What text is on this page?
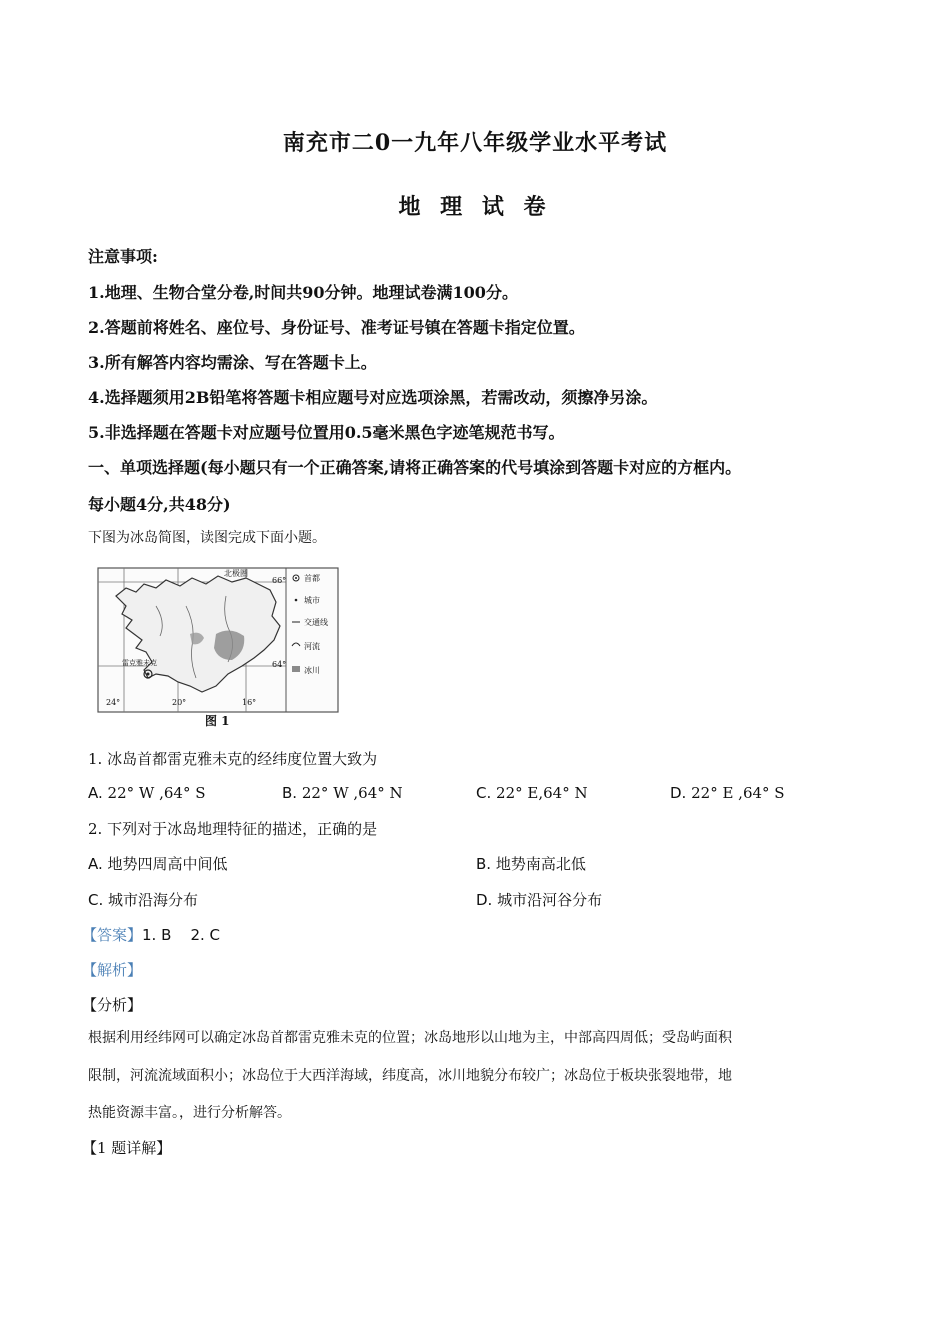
南充市二0一九年八年级学业水平考试
地 理 试 卷
注意事项:
1.地理、生物合堂分卷,时间共90分钟。地理试卷满100分。
2.答题前将姓名、座位号、身份证号、准考证号镇在答题卡指定位置。
3.所有解答内容均需涂、写在答题卡上。
4.选择题须用2B铅笔将答题卡相应题号对应选项涂黑，若需改动，须擦净另涂。
5.非选择题在答题卡对应题号位置用0.5毫米黑色字迹笔规范书写。
一、单项选择题(每小题只有一个正确答案,请将正确答案的代号填涂到答题卡对应的方框内。
每小题4分,共48分)
下图为冰岛简图，读图完成下面小题。
北极圈
66°
64°
24°	20°	16°
雷克雅未克
首都
城市
交通线
河流
冰川
图 1
1. 冰岛首都雷克雅未克的经纬度位置大致为
A. 22° W ,64° S	B. 22° W ,64° N	C. 22° E,64° N	D. 22° E ,64° S
2. 下列对于冰岛地理特征的描述，正确的是
A. 地势四周高中间低	B. 地势南高北低
C. 城市沿海分布	D. 城市沿河谷分布
【答案】1. B    2. C
【解析】
【分析】
根据利用经纬网可以确定冰岛首都雷克雅未克的位置；冰岛地形以山地为主，中部高四周低；受岛屿面积
限制，河流流域面积小；冰岛位于大西洋海域，纬度高，冰川地貌分布较广；冰岛位于板块张裂地带，地
热能资源丰富。，进行分析解答。
【1 题详解】
